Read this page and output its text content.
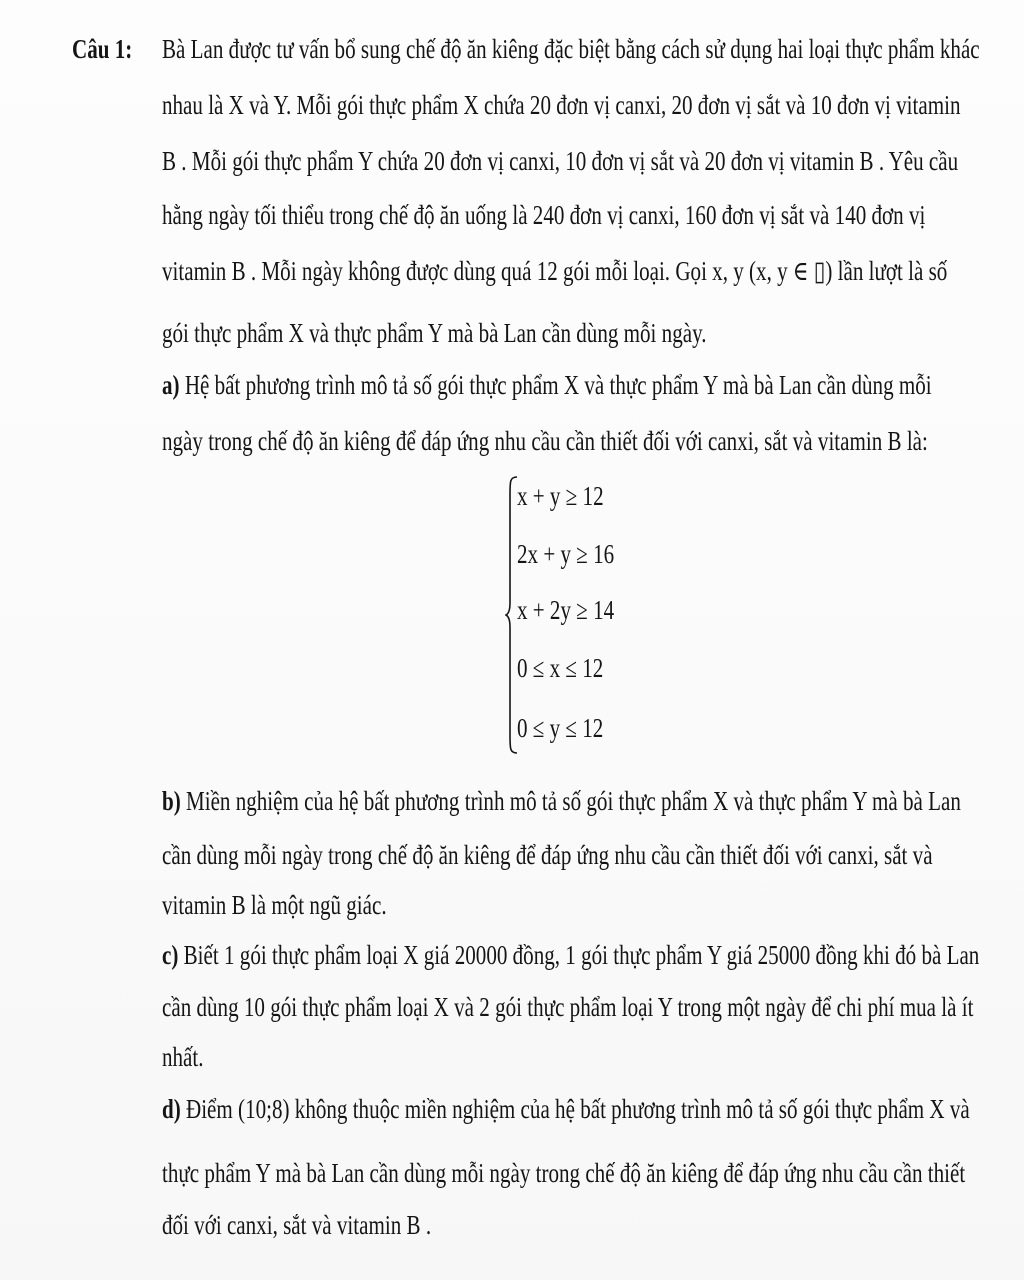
Câu 1: Bà Lan được tư vấn bổ sung chế độ ăn kiêng đặc biệt bằng cách sử dụng hai loại thực phẩm khác
nhau là X và Y. Mỗi gói thực phẩm X chứa 20 đơn vị canxi, 20 đơn vị sắt và 10 đơn vị vitamin
B . Mỗi gói thực phẩm Y chứa 20 đơn vị canxi, 10 đơn vị sắt và 20 đơn vị vitamin B . Yêu cầu
hằng ngày tối thiểu trong chế độ ăn uống là 240 đơn vị canxi, 160 đơn vị sắt và 140 đơn vị
vitamin B . Mỗi ngày không được dùng quá 12 gói mỗi loại. Gọi x, y (x, y ∈ ▯) lần lượt là số
gói thực phẩm X và thực phẩm Y mà bà Lan cần dùng mỗi ngày.
a) Hệ bất phương trình mô tả số gói thực phẩm X và thực phẩm Y mà bà Lan cần dùng mỗi
ngày trong chế độ ăn kiêng để đáp ứng nhu cầu cần thiết đối với canxi, sắt và vitamin B là:
b) Miền nghiệm của hệ bất phương trình mô tả số gói thực phẩm X và thực phẩm Y mà bà Lan
cần dùng mỗi ngày trong chế độ ăn kiêng để đáp ứng nhu cầu cần thiết đối với canxi, sắt và
vitamin B là một ngũ giác.
c) Biết 1 gói thực phẩm loại X giá 20000 đồng, 1 gói thực phẩm Y giá 25000 đồng khi đó bà Lan
cần dùng 10 gói thực phẩm loại X và 2 gói thực phẩm loại Y trong một ngày để chi phí mua là ít
nhất.
d) Điểm (10;8) không thuộc miền nghiệm của hệ bất phương trình mô tả số gói thực phẩm X và
thực phẩm Y mà bà Lan cần dùng mỗi ngày trong chế độ ăn kiêng để đáp ứng nhu cầu cần thiết
đối với canxi, sắt và vitamin B .
x + y ≥ 12
2x + y ≥ 16
x + 2y ≥ 14
0 ≤ x ≤ 12
0 ≤ y ≤ 12
